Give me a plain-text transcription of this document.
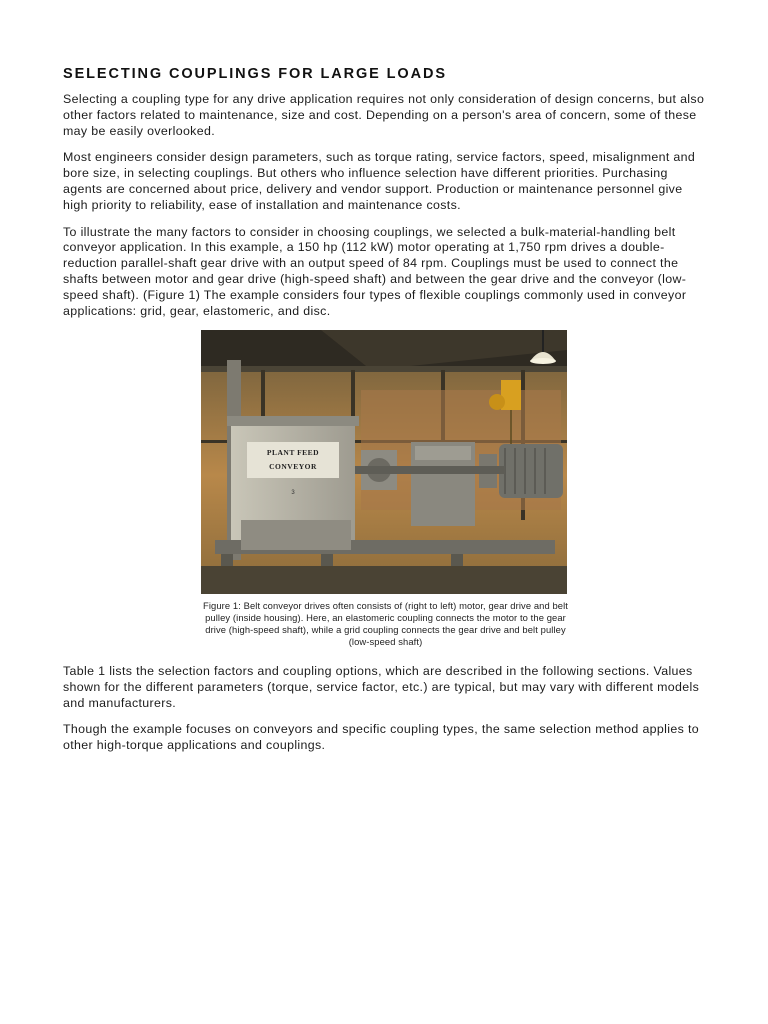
SELECTING COUPLINGS FOR LARGE LOADS

Selecting a coupling type for any drive application requires not only consideration of design concerns, but also other factors related to maintenance, size and cost. Depending on a person's area of concern, some of these may be easily overlooked.

Most engineers consider design parameters, such as torque rating, service factors, speed, misalignment and bore size, in selecting couplings. But others who influence selection have different priorities. Purchasing agents are concerned about price, delivery and vendor support. Production or maintenance personnel give high priority to reliability, ease of installation and maintenance costs.

To illustrate the many factors to consider in choosing couplings, we selected a bulk-material-handling belt conveyor application. In this example, a 150 hp (112 kW) motor operating at 1,750 rpm drives a double-reduction parallel-shaft gear drive with an output speed of 84 rpm. Couplings must be used to connect the shafts between motor and gear drive (high-speed shaft) and between the gear drive and the conveyor (low-speed shaft). (Figure 1) The example considers four types of flexible couplings commonly used in conveyor applications: grid, gear, elastomeric, and disc.

PLANT FEED
CONVEYOR
3
Figure 1: Belt conveyor drives often consists of (right to left) motor, gear drive and belt pulley (inside housing). Here, an elastomeric coupling connects the motor to the gear drive (high-speed shaft), while a grid coupling connects the gear drive and belt pulley (low-speed shaft)

Table 1 lists the selection factors and coupling options, which are described in the following sections. Values shown for the different parameters (torque, service factor, etc.) are typical, but may vary with different models and manufacturers.

Though the example focuses on conveyors and specific coupling types, the same selection method applies to other high-torque applications and couplings.
